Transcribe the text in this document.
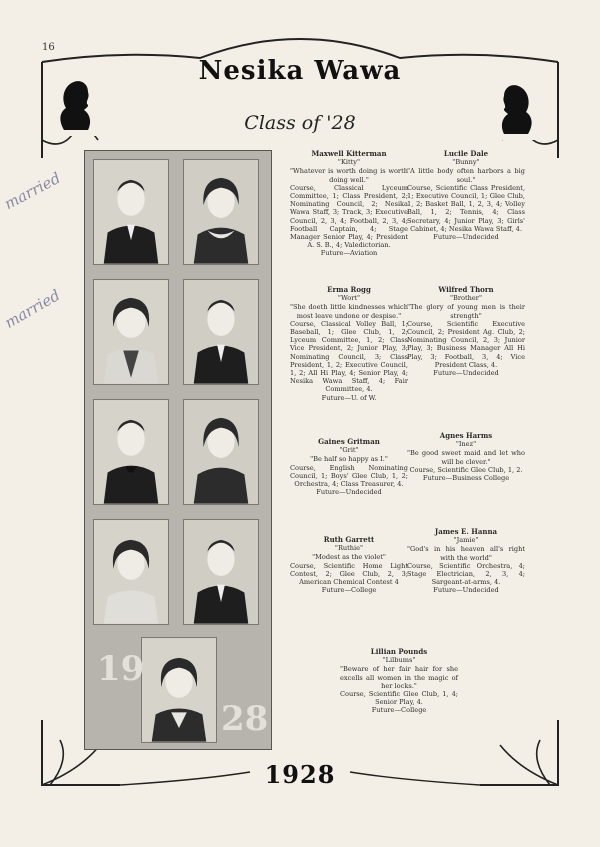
16
Nesika Wawa
Class of '28
married
married
19
28
Maxwell Kitterman
"Kitty"
"Whatever is worth doing is worth doing well."
Course, Classical Lyceum Committee, 1; Class President, 2; Nominating Council, 2; Nesika Wawa Staff, 3; Track, 3; Executive Council, 2, 3, 4; Football, 2, 3, 4; Football Captain, 4; Stage Manager Senior Play, 4; President A. S. B., 4; Valedictorian.
Future—Aviation
Lucile Dale
"Bunny"
"A little body often harbors a big soul."
Course, Scientific Class President, 1; Executive Council, 1; Glee Club, 1, 2; Basket Ball, 1, 2, 3, 4; Volley Ball, 1, 2; Tennis, 4; Class Secretary, 4; Junior Play, 3; Girls' Cabinet, 4; Nesika Wawa Staff, 4.
Future—Undecided
Erma Rogg
"Wort"
"She doeth little kindnesses which most leave undone or despise."
Course, Classical Volley Ball, 1; Baseball, 1; Glee Club, 1, 2; Lyceum Committee, 1, 2; Class Vice President, 2; Junior Play, 3; Nominating Council, 3; Class President, 1, 2; Executive Council, 1, 2; All Hi Play, 4; Senior Play, 4; Nesika Wawa Staff, 4; Fair Committee, 4.
Future—U. of W.
Wilfred Thorn
"Brother"
"The glory of young men is their strength"
Course, Scientific Executive Council, 2; President Ag. Club, 2; Nominating Council, 2, 3; Junior Play, 3; Business Manager All Hi Play, 3; Football, 3, 4; Vice President Class, 4.
Future—Undecided
Gaines Gritman
"Grit"
"Be half so happy as I."
Course, English Nominating Council, 1; Boys' Glee Club, 1, 2; Orchestra, 4; Class Treasurer, 4.
Future—Undecided
Agnes Harms
"Inez"
"Be good sweet maid and let who will be clever."
Course, Scientific Glee Club, 1, 2.
Future—Business College
Ruth Garrett
"Ruthie"
"Modest as the violet"
Course, Scientific Home Light Contest, 2; Glee Club, 2, 3; American Chemical Contest 4
Future—College
James E. Hanna
"Jamie"
"God's in his heaven all's right with the world"
Course, Scientific Orchestra, 4; Stage Electrician, 2, 3, 4; Sargeant-at-arms, 4.
Future—Undecided
Lillian Pounds
"Lilbums"
"Beware of her fair hair for she excells all women in the magic of her locks."
Course, Scientific Glee Club, 1, 4; Senior Play, 4.
Future—College
1928
